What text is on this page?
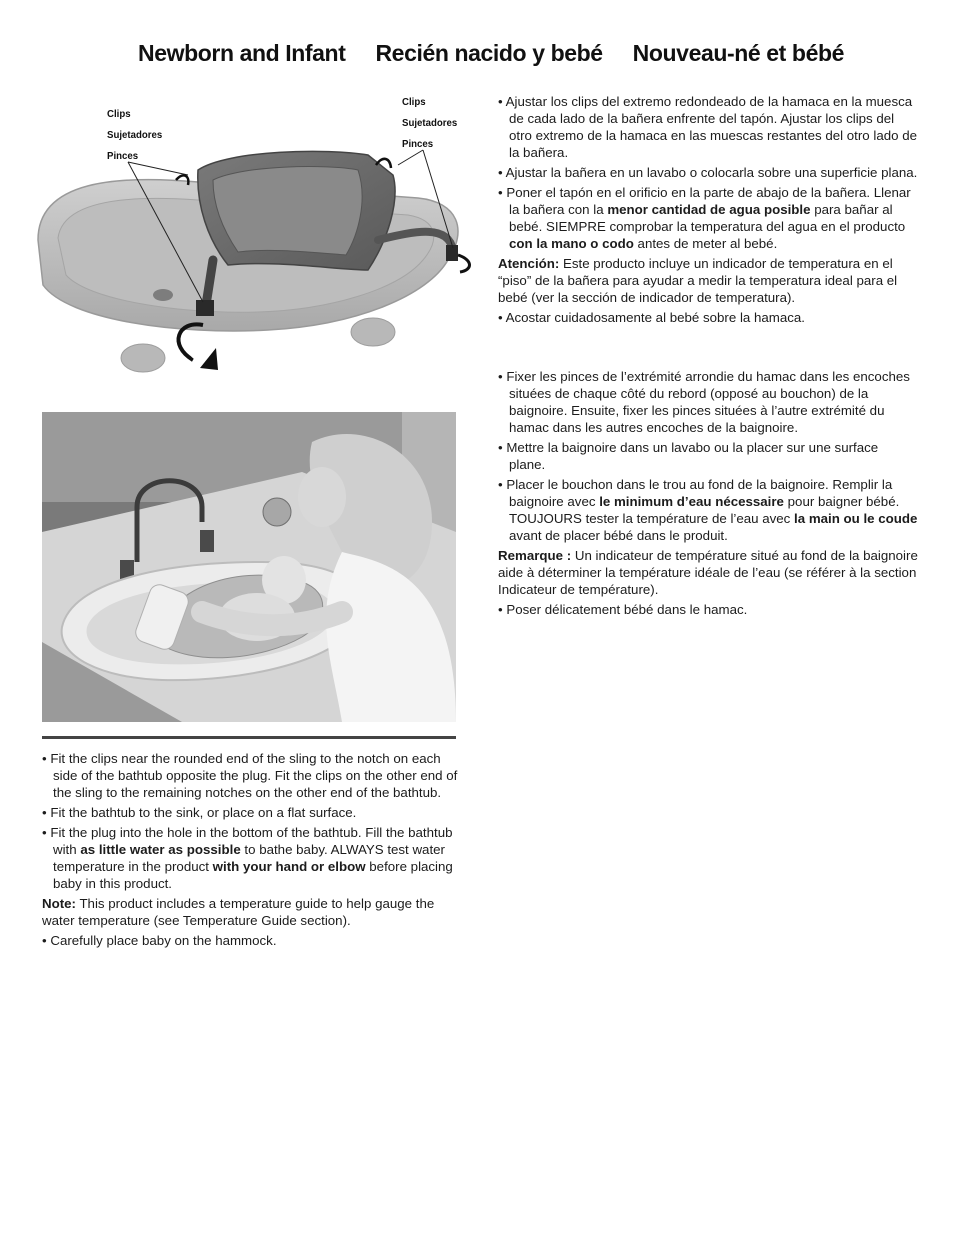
Newborn and Infant Recién nacido y bebé Nouveau-né et bébé
Clips
Sujetadores
Pinces
Clips
Sujetadores
Pinces

• Fit the clips near the rounded end of the sling to the notch on each side of the bathtub opposite the plug. Fit the clips on the other end of the sling to the remaining notches on the other end of the bathtub.

• Fit the bathtub to the sink, or place on a flat surface.

• Fit the plug into the hole in the bottom of the bathtub. Fill the bathtub with as little water as possible to bathe baby. ALWAYS test water temperature in the product with your hand or elbow before placing baby in this product.

Note: This product includes a temperature guide to help gauge the water temperature (see Temperature Guide section).

• Carefully place baby on the hammock.

• Ajustar los clips del extremo redondeado de la hamaca en la muesca de cada lado de la bañera enfrente del tapón. Ajustar los clips del otro extremo de la hamaca en las muescas restantes del otro lado de la bañera.

• Ajustar la bañera en un lavabo o colocarla sobre una superficie plana.

• Poner el tapón en el orificio en la parte de abajo de la bañera. Llenar la bañera con la menor cantidad de agua posible para bañar al bebé. SIEMPRE comprobar la temperatura del agua en el producto con la mano o codo antes de meter al bebé.

Atención: Este producto incluye un indicador de temperatura en el “piso” de la bañera para ayudar a medir la temperatura ideal para el bebé (ver la sección de indicador de temperatura).

• Acostar cuidadosamente al bebé sobre la hamaca.

• Fixer les pinces de l’extrémité arrondie du hamac dans les encoches situées de chaque côté du rebord (opposé au bouchon) de la baignoire. Ensuite, fixer les pinces situées à l’autre extrémité du hamac dans les autres encoches de la baignoire.

• Mettre la baignoire dans un lavabo ou la placer sur une surface plane.

• Placer le bouchon dans le trou au fond de la baignoire. Remplir la baignoire avec le minimum d’eau nécessaire pour baigner bébé. TOUJOURS tester la température de l’eau avec la main ou le coude avant de placer bébé dans le produit.

Remarque : Un indicateur de température situé au fond de la baignoire aide à déterminer la température idéale de l’eau (se référer à la section Indicateur de température).

• Poser délicatement bébé dans le hamac.
